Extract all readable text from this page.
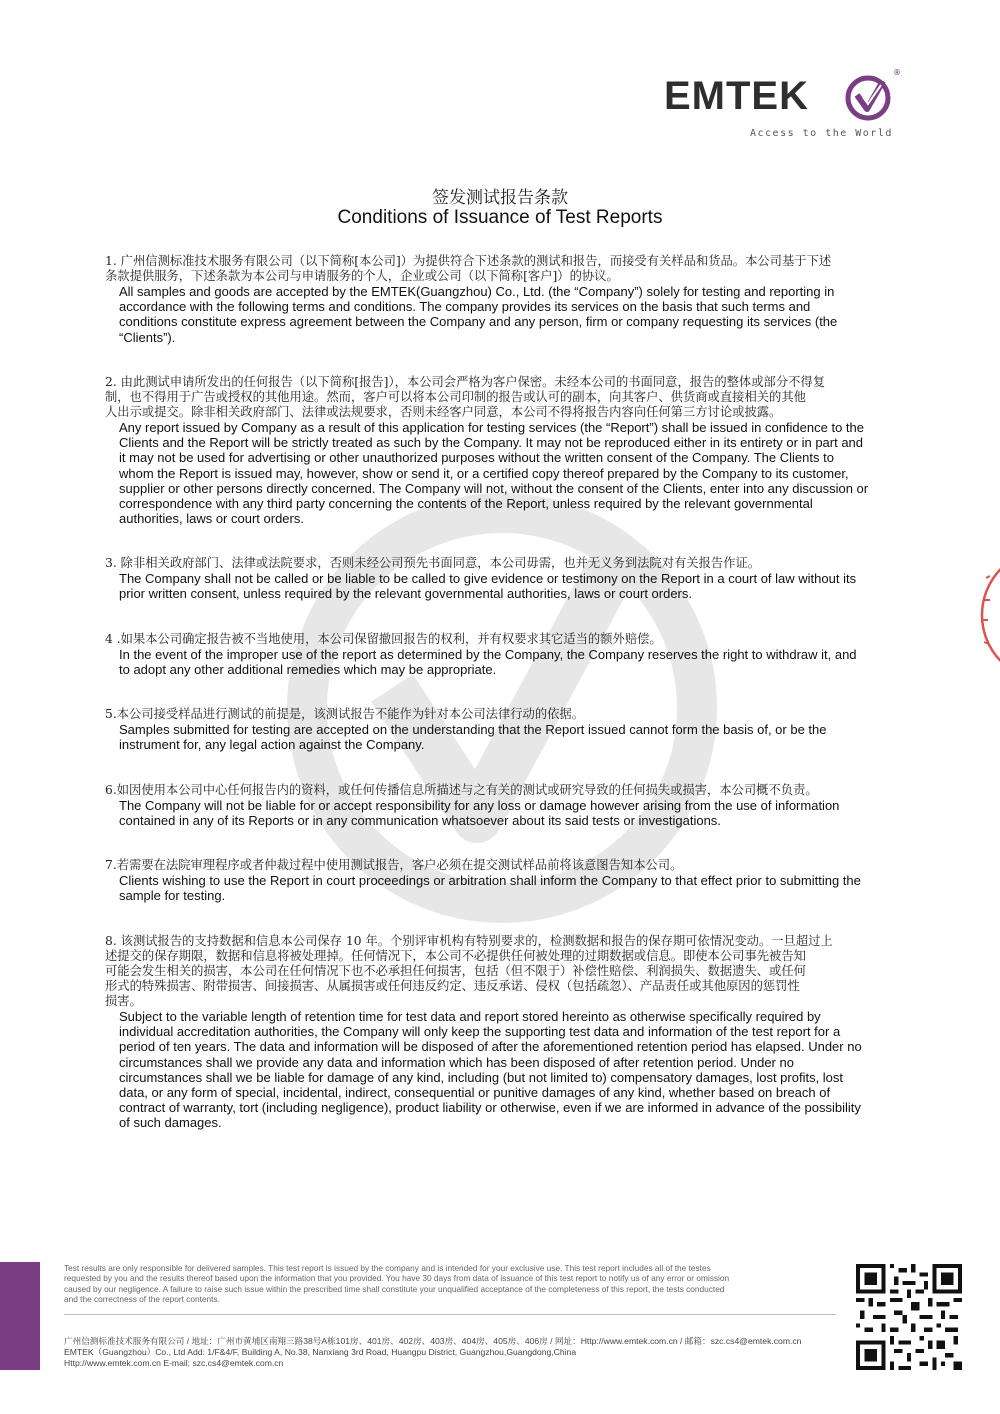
EMTEK
®
Access to the World
签发测试报告条款
Conditions of Issuance of Test Reports

1. 广州信测标准技术服务有限公司（以下简称[本公司]）为提供符合下述条款的测试和报告，而接受有关样品和货品。本公司基于下述
条款提供服务，下述条款为本公司与申请服务的个人，企业或公司（以下简称[客户]）的协议。

All samples and goods are accepted by the EMTEK(Guangzhou) Co., Ltd. (the “Company”) solely for testing and reporting in
accordance with the following terms and conditions. The company provides its services on the basis that such terms and
conditions constitute express agreement between the Company and any person, firm or company requesting its services (the
“Clients”).

2. 由此测试申请所发出的任何报告（以下简称[报告]），本公司会严格为客户保密。未经本公司的书面同意，报告的整体或部分不得复
制，也不得用于广告或授权的其他用途。然而，客户可以将本公司印制的报告或认可的副本，向其客户、供货商或直接相关的其他
人出示或提交。除非相关政府部门、法律或法规要求，否则未经客户同意，本公司不得将报告内容向任何第三方讨论或披露。

Any report issued by Company as a result of this application for testing services (the “Report”) shall be issued in confidence to the
Clients and the Report will be strictly treated as such by the Company. It may not be reproduced either in its entirety or in part and
it may not be used for advertising or other unauthorized purposes without the written consent of the Company. The Clients to
whom the Report is issued may, however, show or send it, or a certified copy thereof prepared by the Company to its customer,
supplier or other persons directly concerned. The Company will not, without the consent of the Clients, enter into any discussion or
correspondence with any third party concerning the contents of the Report, unless required by the relevant governmental
authorities, laws or court orders.

3. 除非相关政府部门、法律或法院要求，否则未经公司预先书面同意，本公司毋需，也并无义务到法院对有关报告作证。

The Company shall not be called or be liable to be called to give evidence or testimony on the Report in a court of law without its
prior written consent, unless required by the relevant governmental authorities, laws or court orders.

4 .如果本公司确定报告被不当地使用，本公司保留撤回报告的权利，并有权要求其它适当的额外赔偿。

In the event of the improper use of the report as determined by the Company, the Company reserves the right to withdraw it, and
to adopt any other additional remedies which may be appropriate.

5.本公司接受样品进行测试的前提是，该测试报告不能作为针对本公司法律行动的依据。

Samples submitted for testing are accepted on the understanding that the Report issued cannot form the basis of, or be the
instrument for, any legal action against the Company.

6.如因使用本公司中心任何报告内的资料，或任何传播信息所描述与之有关的测试或研究导致的任何损失或损害，本公司概不负责。

The Company will not be liable for or accept responsibility for any loss or damage however arising from the use of information
contained in any of its Reports or in any communication whatsoever about its said tests or investigations.

7.若需要在法院审理程序或者仲裁过程中使用测试报告，客户必须在提交测试样品前将该意图告知本公司。

Clients wishing to use the Report in court proceedings or arbitration shall inform the Company to that effect prior to submitting the
sample for testing.

8. 该测试报告的支持数据和信息本公司保存 10 年。个别评审机构有特别要求的，检测数据和报告的保存期可依情况变动。一旦超过上
述提交的保存期限，数据和信息将被处理掉。任何情况下，本公司不必提供任何被处理的过期数据或信息。即使本公司事先被告知
可能会发生相关的损害，本公司在任何情况下也不必承担任何损害，包括（但不限于）补偿性赔偿、利润损失、数据遗失、或任何
形式的特殊损害、附带损害、间接损害、从属损害或任何违反约定、违反承诺、侵权（包括疏忽）、产品责任或其他原因的惩罚性
损害。

Subject to the variable length of retention time for test data and report stored hereinto as otherwise specifically required by
individual accreditation authorities, the Company will only keep the supporting test data and information of the test report for a
period of ten years. The data and information will be disposed of after the aforementioned retention period has elapsed. Under no
circumstances shall we provide any data and information which has been disposed of after retention period. Under no
circumstances shall we be liable for damage of any kind, including (but not limited to) compensatory damages, lost profits, lost
data, or any form of special, incidental, indirect, consequential or punitive damages of any kind, whether based on breach of
contract of warranty, tort (including negligence), product liability or otherwise, even if we are informed in advance of the possibility
of such damages.

Test results are only responsible for delivered samples. This test report is issued by the company and is intended for your exclusive use. This test report includes all of the testes
requested by you and the results thereof based upon the information that you provided. You have 30 days from data of issuance of this test report to notify us of any error or omission
caused by our negligence. A failure to raise such issue within the prescribed time shall constitute your unqualified acceptance of the completeness of this report, the tests conducted
and the correctness of the report contents.

广州信测标准技术服务有限公司 / 地址：广州市黄埔区南翔三路38号A栋101房、401房、402房、403房、404房、405房、406房 / 网址：Http://www.emtek.com.cn / 邮箱：szc.cs4@emtek.com.cn
EMTEK（Guangzhou）Co., Ltd Add: 1/F&4/F, Building A, No.38, Nanxiang 3rd Road, Huangpu District, Guangzhou,Guangdong,China
Http://www.emtek.com.cn E-mail: szc.cs4@emtek.com.cn
